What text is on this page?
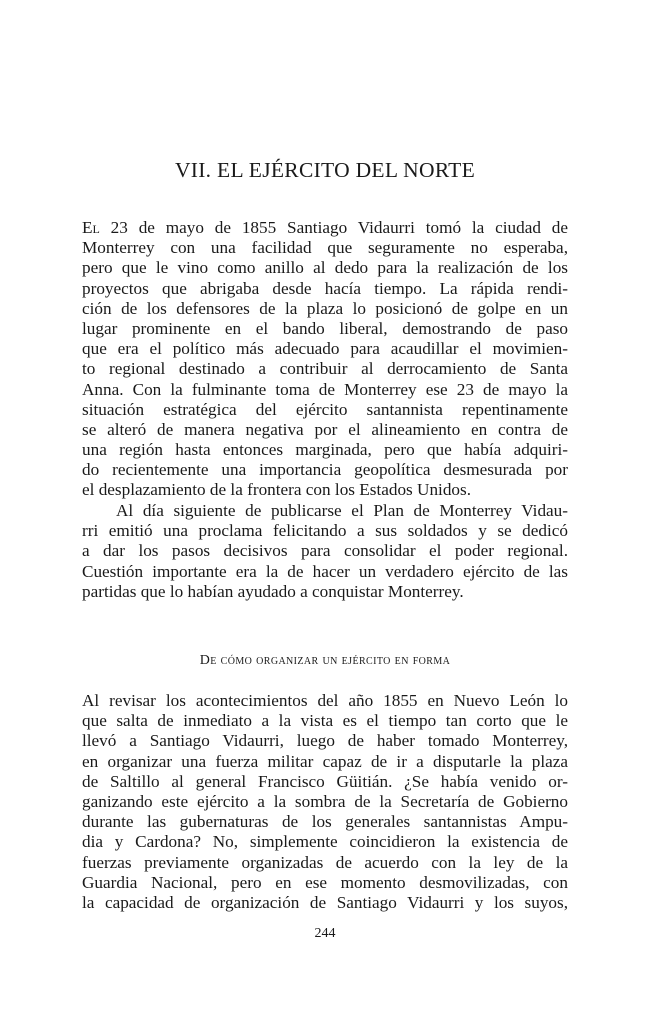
VII. EL EJÉRCITO DEL NORTE
El 23 de mayo de 1855 Santiago Vidaurri tomó la ciudad de
Monterrey con una facilidad que seguramente no esperaba,
pero que le vino como anillo al dedo para la realización de los
proyectos que abrigaba desde hacía tiempo. La rápida rendi-
ción de los defensores de la plaza lo posicionó de golpe en un
lugar prominente en el bando liberal, demostrando de paso
que era el político más adecuado para acaudillar el movimien-
to regional destinado a contribuir al derrocamiento de Santa
Anna. Con la fulminante toma de Monterrey ese 23 de mayo la
situación estratégica del ejército santannista repentinamente
se alteró de manera negativa por el alineamiento en contra de
una región hasta entonces marginada, pero que había adquiri-
do recientemente una importancia geopolítica desmesurada por
el desplazamiento de la frontera con los Estados Unidos.
Al día siguiente de publicarse el Plan de Monterrey Vidau-
rri emitió una proclama felicitando a sus soldados y se dedicó
a dar los pasos decisivos para consolidar el poder regional.
Cuestión importante era la de hacer un verdadero ejército de las
partidas que lo habían ayudado a conquistar Monterrey.
De cómo organizar un ejército en forma
Al revisar los acontecimientos del año 1855 en Nuevo León lo
que salta de inmediato a la vista es el tiempo tan corto que le
llevó a Santiago Vidaurri, luego de haber tomado Monterrey,
en organizar una fuerza militar capaz de ir a disputarle la plaza
de Saltillo al general Francisco Güitián. ¿Se había venido or-
ganizando este ejército a la sombra de la Secretaría de Gobierno
durante las gubernaturas de los generales santannistas Ampu-
dia y Cardona? No, simplemente coincidieron la existencia de
fuerzas previamente organizadas de acuerdo con la ley de la
Guardia Nacional, pero en ese momento desmovilizadas, con
la capacidad de organización de Santiago Vidaurri y los suyos,
244
